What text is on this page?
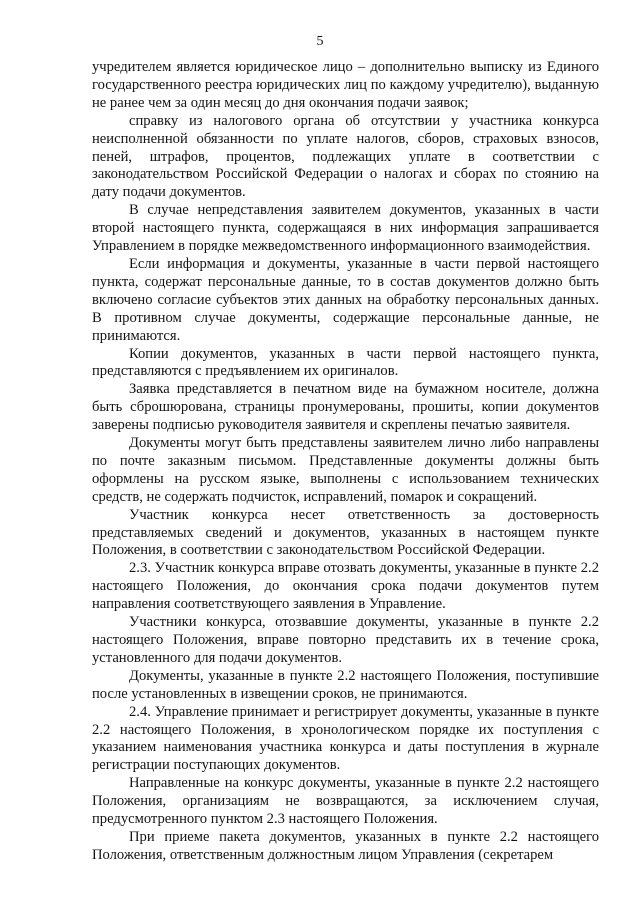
5

учредителем является юридическое лицо – дополнительно выписку из Единого государственного реестра юридических лиц по каждому учредителю), выданную не ранее чем за один месяц до дня окончания подачи заявок;

справку из налогового органа об отсутствии у участника конкурса неисполненной обязанности по уплате налогов, сборов, страховых взносов, пеней, штрафов, процентов, подлежащих уплате в соответствии с законодательством Российской Федерации о налогах и сборах по стоянию на дату подачи документов.

В случае непредставления заявителем документов, указанных в части второй настоящего пункта, содержащаяся в них информация запрашивается Управлением в порядке межведомственного информационного взаимодействия.

Если информация и документы, указанные в части первой настоящего пункта, содержат персональные данные, то в состав документов должно быть включено согласие субъектов этих данных на обработку персональных данных. В противном случае документы, содержащие персональные данные, не принимаются.

Копии документов, указанных в части первой настоящего пункта, представляются с предъявлением их оригиналов.

Заявка представляется в печатном виде на бумажном носителе, должна быть сброшюрована, страницы пронумерованы, прошиты, копии документов заверены подписью руководителя заявителя и скреплены печатью заявителя.

Документы могут быть представлены заявителем лично либо направлены по почте заказным письмом. Представленные документы должны быть оформлены на русском языке, выполнены с использованием технических средств, не содержать подчисток, исправлений, помарок и сокращений.

Участник конкурса несет ответственность за достоверность представляемых сведений и документов, указанных в настоящем пункте Положения, в соответствии с законодательством Российской Федерации.

2.3. Участник конкурса вправе отозвать документы, указанные в пункте 2.2 настоящего Положения, до окончания срока подачи документов путем направления соответствующего заявления в Управление.

Участники конкурса, отозвавшие документы, указанные в пункте 2.2 настоящего Положения, вправе повторно представить их в течение срока, установленного для подачи документов.

Документы, указанные в пункте 2.2 настоящего Положения, поступившие после установленных в извещении сроков, не принимаются.

2.4. Управление принимает и регистрирует документы, указанные в пункте 2.2 настоящего Положения, в хронологическом порядке их поступления с указанием наименования участника конкурса и даты поступления в журнале регистрации поступающих документов.

Направленные на конкурс документы, указанные в пункте 2.2 настоящего Положения, организациям не возвращаются, за исключением случая, предусмотренного пунктом 2.3 настоящего Положения.

При приеме пакета документов, указанных в пункте 2.2 настоящего Положения, ответственным должностным лицом Управления (секретарем
